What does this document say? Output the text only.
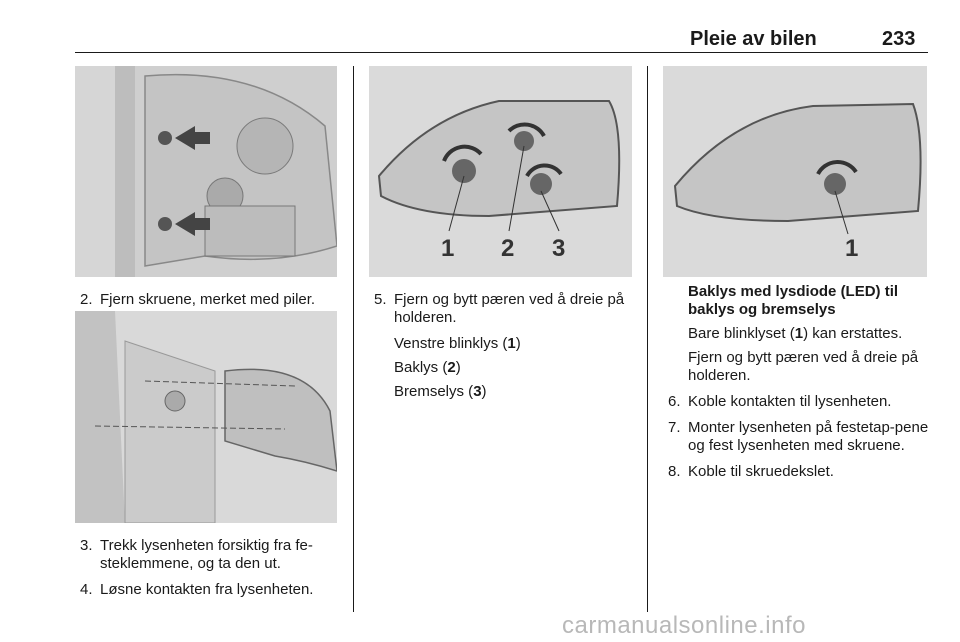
Pleie av bilen	233
1 2 3	1
2. Fjern skruene, merket med piler.
3. Trekk lysenheten forsiktig fra fe-steklemmene, og ta den ut.
4. Løsne kontakten fra lysenheten.
5. Fjern og bytt pæren ved å dreie på holderen.
Venstre blinklys (1)
Baklys (2)
Bremselys (3)
Baklys med lysdiode (LED) til baklys og bremselys
Bare blinklyset (1) kan erstattes.
Fjern og bytt pæren ved å dreie på holderen.
6. Koble kontakten til lysenheten.
7. Monter lysenheten på festetap-pene og fest lysenheten med skruene.
8. Koble til skruedekslet.
carmanualsonline.info
